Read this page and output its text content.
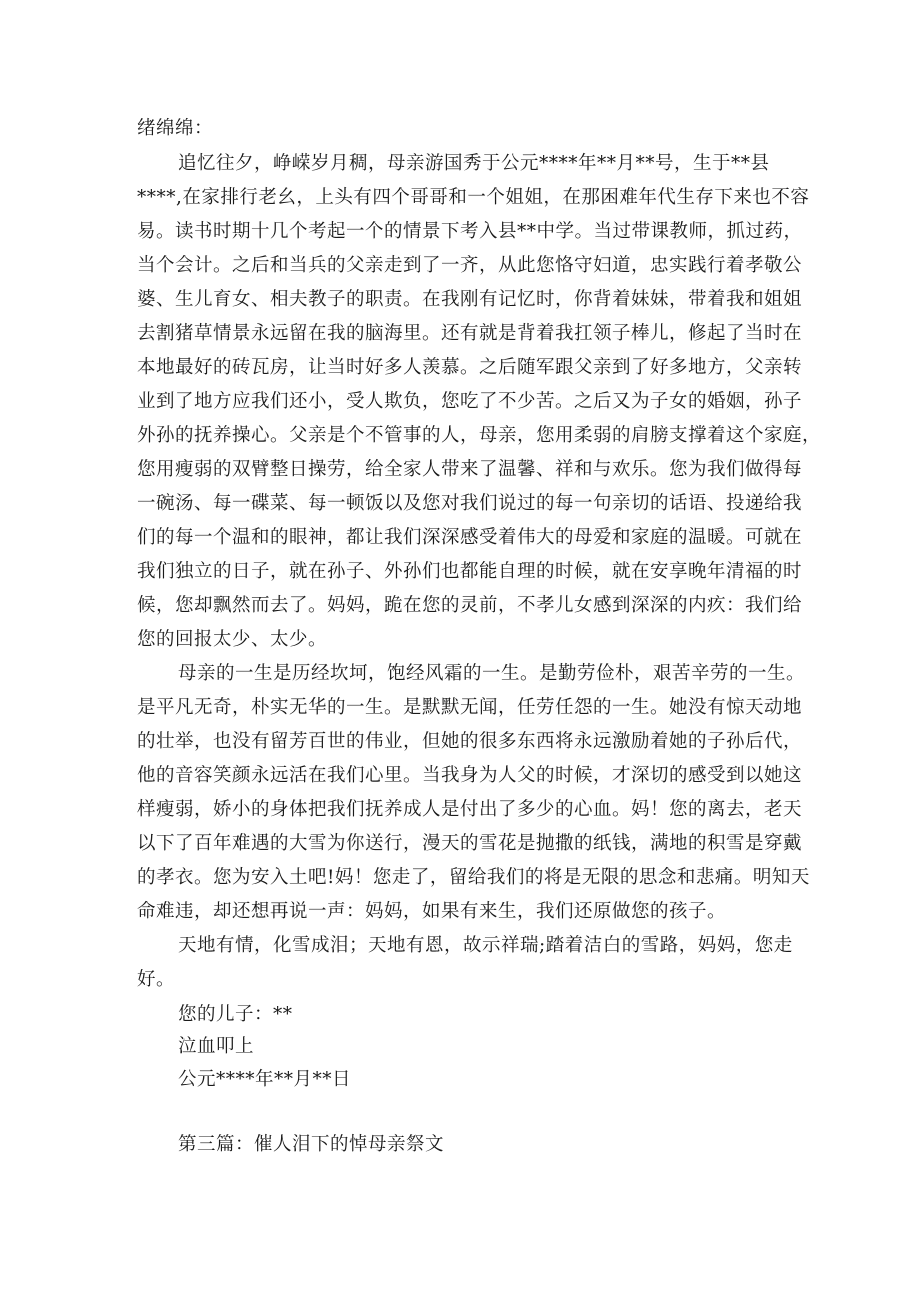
绪绵绵：
追忆往夕，峥嵘岁月稠，母亲游国秀于公元****年**月**号，生于**县
****,在家排行老幺，上头有四个哥哥和一个姐姐，在那困难年代生存下来也不容
易。读书时期十几个考起一个的情景下考入县**中学。当过带课教师，抓过药，
当个会计。之后和当兵的父亲走到了一齐，从此您恪守妇道，忠实践行着孝敬公
婆、生儿育女、相夫教子的职责。在我刚有记忆时，你背着妹妹，带着我和姐姐
去割猪草情景永远留在我的脑海里。还有就是背着我扛领子棒儿，修起了当时在
本地最好的砖瓦房，让当时好多人羡慕。之后随军跟父亲到了好多地方，父亲转
业到了地方应我们还小，受人欺负，您吃了不少苦。之后又为子女的婚姻，孙子
外孙的抚养操心。父亲是个不管事的人，母亲，您用柔弱的肩膀支撑着这个家庭，
您用瘦弱的双臂整日操劳，给全家人带来了温馨、祥和与欢乐。您为我们做得每
一碗汤、每一碟菜、每一顿饭以及您对我们说过的每一句亲切的话语、投递给我
们的每一个温和的眼神，都让我们深深感受着伟大的母爱和家庭的温暖。可就在
我们独立的日子，就在孙子、外孙们也都能自理的时候，就在安享晚年清福的时
候，您却飘然而去了。妈妈，跪在您的灵前，不孝儿女感到深深的内疚：我们给
您的回报太少、太少。
母亲的一生是历经坎坷，饱经风霜的一生。是勤劳俭朴，艰苦辛劳的一生。
是平凡无奇，朴实无华的一生。是默默无闻，任劳任怨的一生。她没有惊天动地
的壮举，也没有留芳百世的伟业，但她的很多东西将永远激励着她的子孙后代，
他的音容笑颜永远活在我们心里。当我身为人父的时候，才深切的感受到以她这
样瘦弱，娇小的身体把我们抚养成人是付出了多少的心血。妈！您的离去，老天
以下了百年难遇的大雪为你送行，漫天的雪花是抛撒的纸钱，满地的积雪是穿戴
的孝衣。您为安入土吧!妈！您走了，留给我们的将是无限的思念和悲痛。明知天
命难违，却还想再说一声：妈妈，如果有来生，我们还原做您的孩子。
天地有情，化雪成泪；天地有恩，故示祥瑞;踏着洁白的雪路，妈妈，您走
好。
您的儿子：**
泣血叩上
公元****年**月**日
第三篇：催人泪下的悼母亲祭文
